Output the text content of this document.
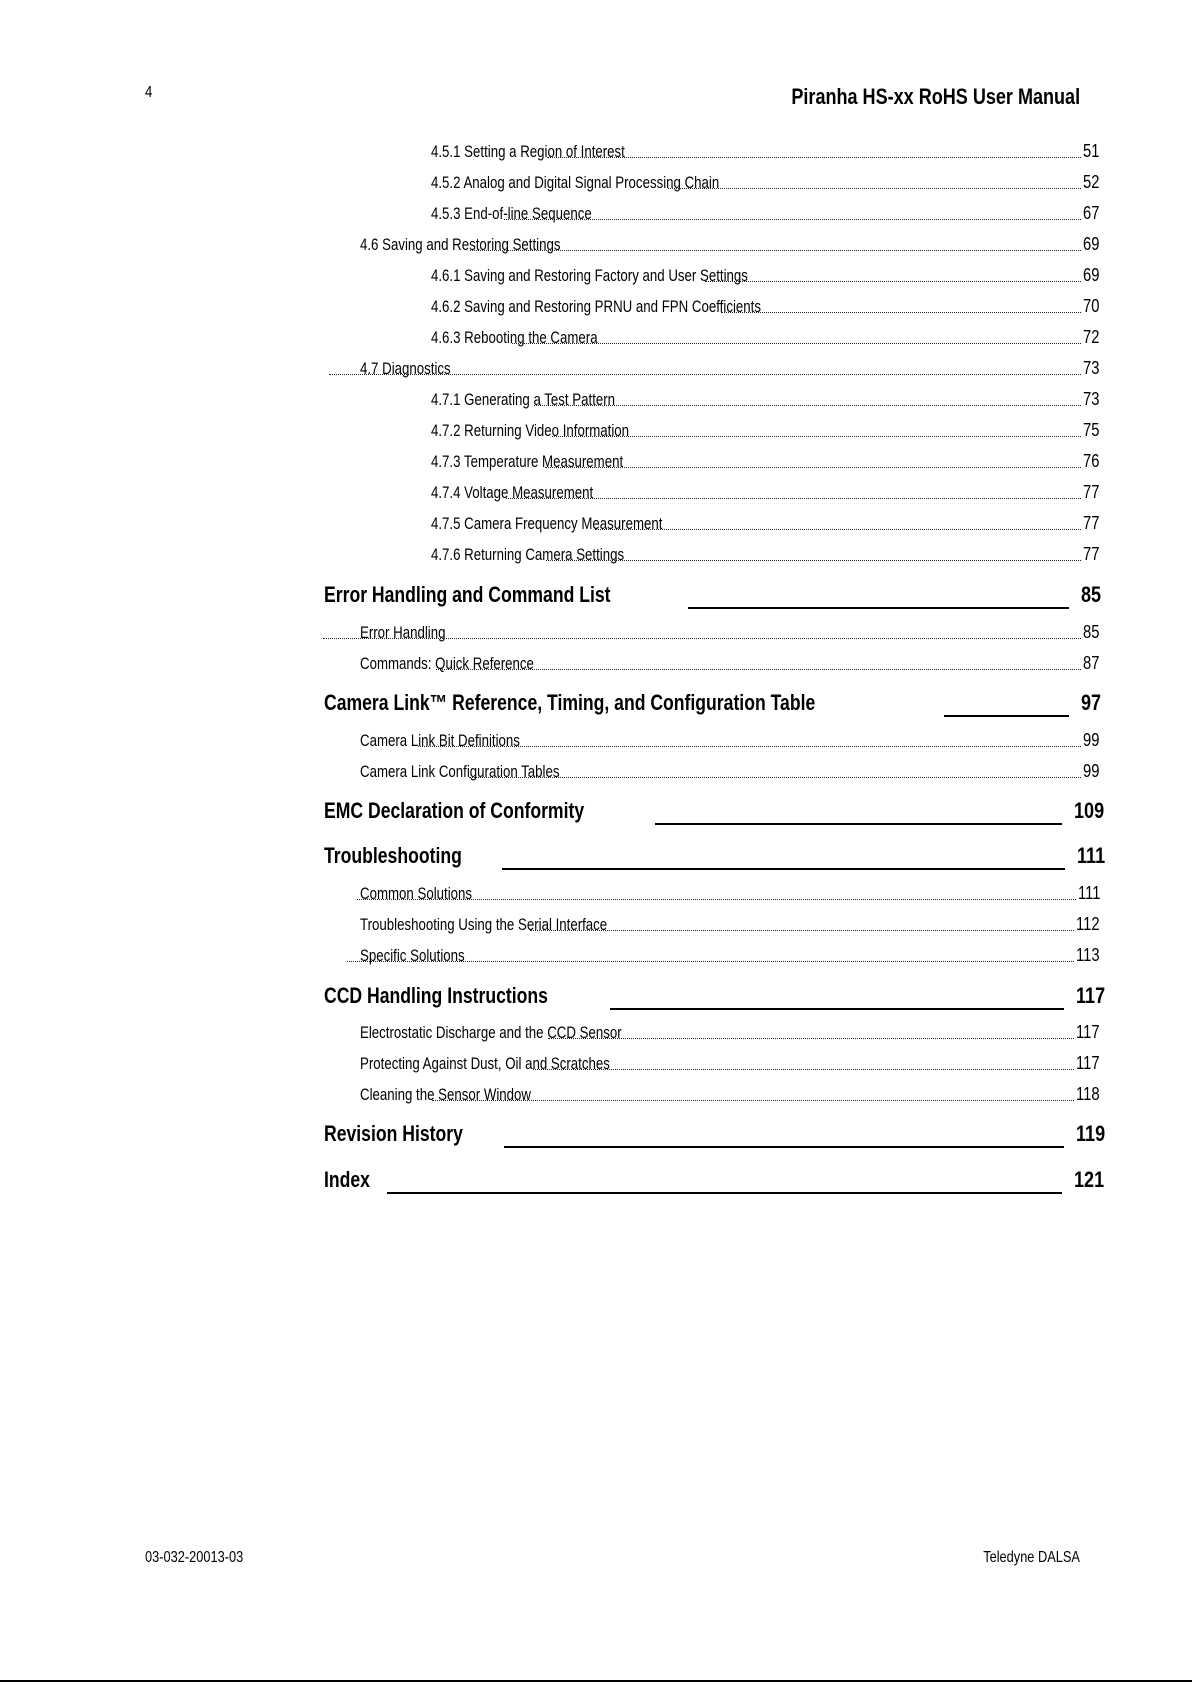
4	Piranha HS-xx RoHS User Manual
4.5.1 Setting a Region of Interest	51
4.5.2 Analog and Digital Signal Processing Chain	52
4.5.3 End-of-line Sequence	67
4.6 Saving and Restoring Settings	69
4.6.1 Saving and Restoring Factory and User Settings	69
4.6.2 Saving and Restoring PRNU and FPN Coefficients	70
4.6.3 Rebooting the Camera	72
4.7 Diagnostics	73
4.7.1 Generating a Test Pattern	73
4.7.2 Returning Video Information	75
4.7.3 Temperature Measurement	76
4.7.4 Voltage Measurement	77
4.7.5 Camera Frequency Measurement	77
4.7.6 Returning Camera Settings	77
Error Handling and Command List	85
Error Handling	85
Commands: Quick Reference	87
Camera Link™ Reference, Timing, and Configuration Table	97
Camera Link Bit Definitions	99
Camera Link Configuration Tables	99
EMC Declaration of Conformity	109
Troubleshooting	111
Common Solutions	111
Troubleshooting Using the Serial Interface	112
Specific Solutions	113
CCD Handling Instructions	117
Electrostatic Discharge and the CCD Sensor	117
Protecting Against Dust, Oil and Scratches	117
Cleaning the Sensor Window	118
Revision History	119
Index	121
03-032-20013-03	Teledyne DALSA
